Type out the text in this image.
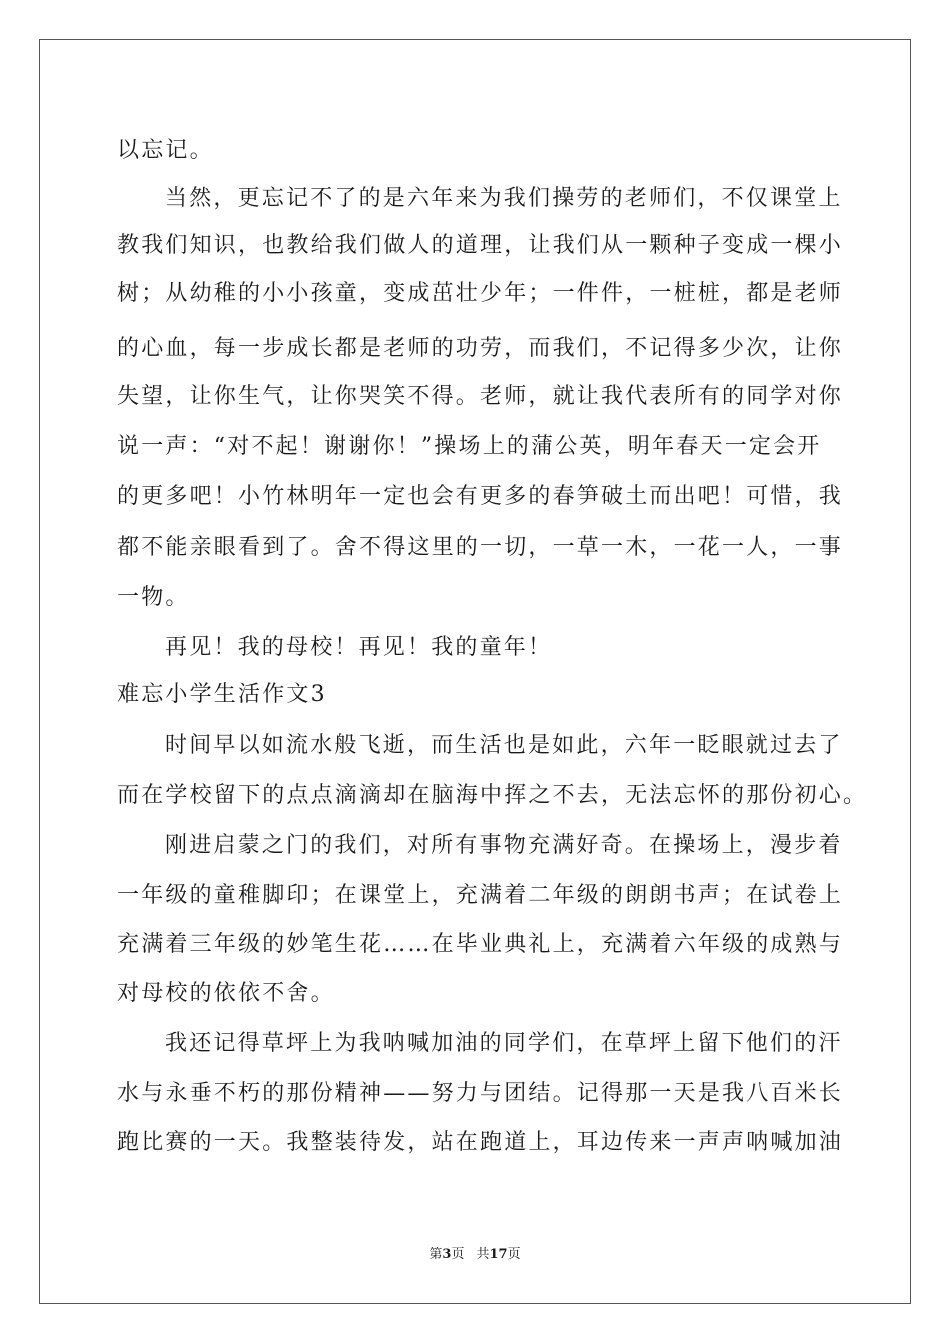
以忘记。
当然，更忘记不了的是六年来为我们操劳的老师们，不仅课堂上
教我们知识，也教给我们做人的道理，让我们从一颗种子变成一棵小
树；从幼稚的小小孩童，变成茁壮少年；一件件，一桩桩，都是老师
的心血，每一步成长都是老师的功劳，而我们，不记得多少次，让你
失望，让你生气，让你哭笑不得。老师，就让我代表所有的同学对你
说一声：“对不起！谢谢你！”操场上的蒲公英，明年春天一定会开
的更多吧！小竹林明年一定也会有更多的春笋破土而出吧！可惜，我
都不能亲眼看到了。舍不得这里的一切，一草一木，一花一人，一事
一物。
再见！我的母校！再见！我的童年！
难忘小学生活作文3
时间早以如流水般飞逝，而生活也是如此，六年一眨眼就过去了
而在学校留下的点点滴滴却在脑海中挥之不去，无法忘怀的那份初心。
刚进启蒙之门的我们，对所有事物充满好奇。在操场上，漫步着
一年级的童稚脚印；在课堂上，充满着二年级的朗朗书声；在试卷上
充满着三年级的妙笔生花……在毕业典礼上，充满着六年级的成熟与
对母校的依依不舍。
我还记得草坪上为我呐喊加油的同学们，在草坪上留下他们的汗
水与永垂不朽的那份精神——努力与团结。记得那一天是我八百米长
跑比赛的一天。我整装待发，站在跑道上，耳边传来一声声呐喊加油
第3页 共17页
